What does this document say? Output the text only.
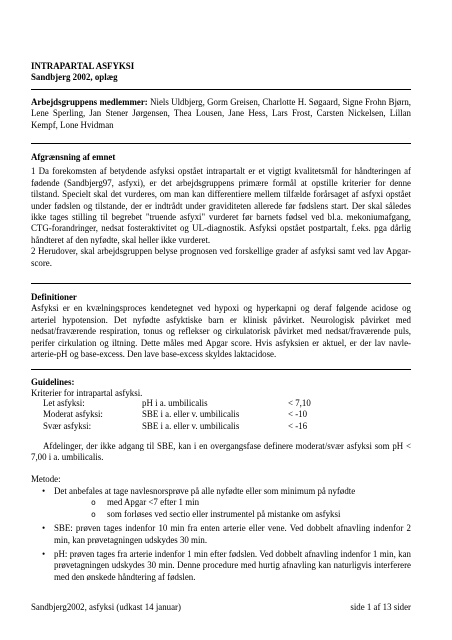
INTRAPARTAL ASFYKSI

Sandbjerg 2002, oplæg

Arbejdsgruppens medlemmer: Niels Uldbjerg, Gorm Greisen, Charlotte H. Søgaard, Signe Frohn Bjørn, Lene Sperling, Jan Stener Jørgensen, Thea Lousen, Jane Hess, Lars Frost, Carsten Nickelsen, Lillan Kempf, Lone Hvidman

Afgrænsning af emnet

1 Da forekomsten af betydende asfyksi opstået intrapartalt er et vigtigt kvalitetsmål for håndteringen af fødende (Sandbjerg97, asfyxi), er det arbejdsgruppens primære formål at opstille kriterier for denne tilstand. Specielt skal det vurderes, om man kan differentiere mellem tilfælde forårsaget af asfyxi opstået under fødslen og tilstande, der er indtrådt under graviditeten allerede før fødslens start. Der skal således ikke tages stilling til begrebet "truende asfyxi" vurderet før barnets fødsel ved bl.a. mekoniumafgang, CTG-forandringer, nedsat fosteraktivitet og UL-diagnostik. Asfyksi opstået postpartalt, f.eks. pga dårlig håndteret af den nyfødte, skal heller ikke vurderet.

2 Herudover, skal arbejdsgruppen belyse prognosen ved forskellige grader af asfyksi samt ved lav Apgar-score.

Definitioner

Asfyksi er en kvælningsproces kendetegnet ved hypoxi og hyperkapni og deraf følgende acidose og arteriel hypotension. Det nyfødte asfyktiske barn er klinisk påvirket. Neurologisk påvirket med nedsat/fraværende respiration, tonus og reflekser og cirkulatorisk påvirket med nedsat/fraværende puls, perifer cirkulation og iltning. Dette måles med Apgar score. Hvis asfyksien er aktuel, er der lav navle-arterie-pH og base-excess. Den lave base-excess skyldes laktacidose.

Guidelines:

Kriterier for intrapartal asfyksi.

Let asfyksi:	pH i a. umbilicalis	< 7,10
Moderat asfyksi:	SBE i a. eller v. umbilicalis	< -10
Svær asfyksi:	SBE i a. eller v. umbilicalis	< -16

Afdelinger, der ikke adgang til SBE, kan i en overgangsfase definere moderat/svær asfyksi som pH < 7,00 i a. umbilicalis.

Metode:

• Det anbefales at tage navlesnorsprøve på alle nyfødte eller som minimum på nyfødte
o med Apgar <7 efter 1 min
o som forløses ved sectio eller instrumentel på mistanke om asfyksi
• SBE: prøven tages indenfor 10 min fra enten arterie eller vene. Ved dobbelt afnavling indenfor 2 min, kan prøvetagningen udskydes 30 min.
• pH: prøven tages fra arterie indenfor 1 min efter fødslen. Ved dobbelt afnavling indenfor 1 min, kan prøvetagningen udskydes 30 min. Denne procedure med hurtig afnavling kan naturligvis interferere med den ønskede håndtering af fødslen.
Sandbjerg2002, asfyksi (udkast 14 januar)	side 1 af 13 sider
